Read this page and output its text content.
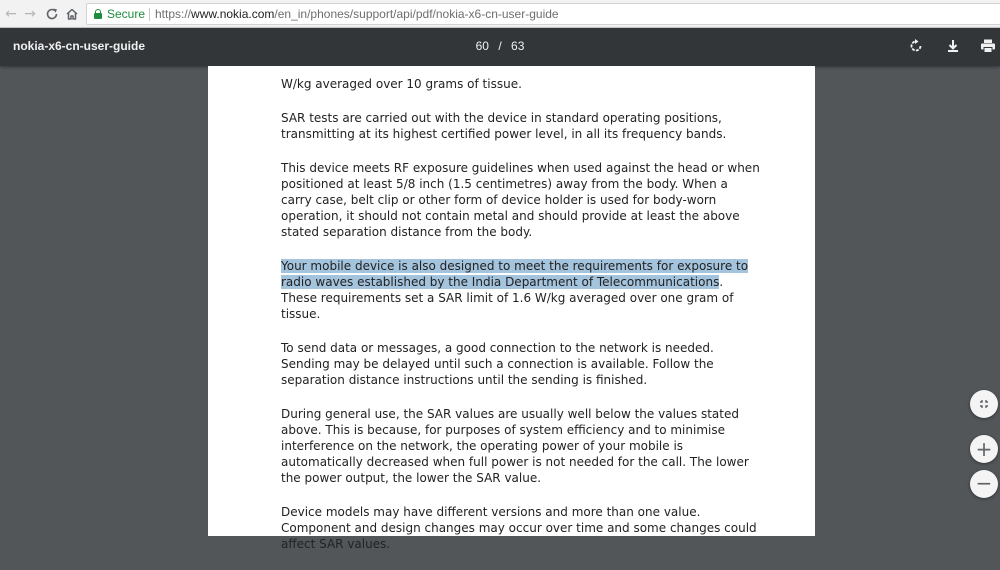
← →	Secure https://www.nokia.com/en_in/phones/support/api/pdf/nokia-x6-cn-user-guide
nokia-x6-cn-user-guide	60 / 63

W/kg averaged over 10 grams of tissue.

SAR tests are carried out with the device in standard operating positions, transmitting at its highest certified power level, in all its frequency bands.

This device meets RF exposure guidelines when used against the head or when positioned at least 5/8 inch (1.5 centimetres) away from the body. When a carry case, belt clip or other form of device holder is used for body-worn operation, it should not contain metal and should provide at least the above stated separation distance from the body.

Your mobile device is also designed to meet the requirements for exposure to radio waves established by the India Department of Telecommunications. These requirements set a SAR limit of 1.6 W/kg averaged over one gram of tissue.

To send data or messages, a good connection to the network is needed. Sending may be delayed until such a connection is available. Follow the separation distance instructions until the sending is finished.

During general use, the SAR values are usually well below the values stated above. This is because, for purposes of system efficiency and to minimise interference on the network, the operating power of your mobile is automatically decreased when full power is not needed for the call. The lower the power output, the lower the SAR value.

Device models may have different versions and more than one value. Component and design changes may occur over time and some changes could affect SAR values.

+
−
